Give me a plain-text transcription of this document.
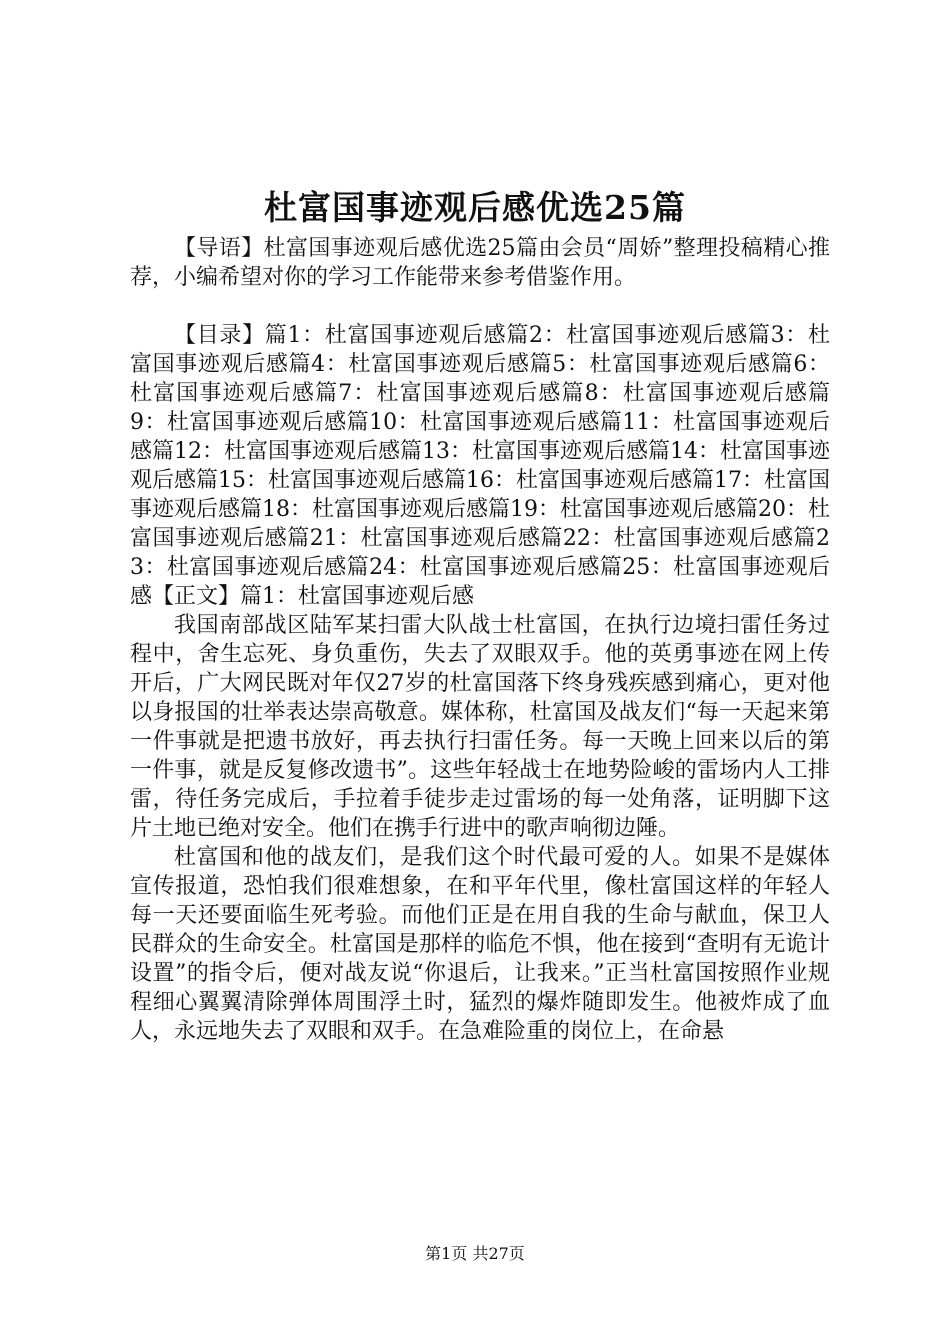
杜富国事迹观后感优选25篇

【导语】杜富国事迹观后感优选25篇由会员“周娇”整理投稿精心推荐，小编希望对你的学习工作能带来参考借鉴作用。

【目录】篇1：杜富国事迹观后感篇2：杜富国事迹观后感篇3：杜富国事迹观后感篇4：杜富国事迹观后感篇5：杜富国事迹观后感篇6：杜富国事迹观后感篇7：杜富国事迹观后感篇8：杜富国事迹观后感篇9：杜富国事迹观后感篇10：杜富国事迹观后感篇11：杜富国事迹观后感篇12：杜富国事迹观后感篇13：杜富国事迹观后感篇14：杜富国事迹观后感篇15：杜富国事迹观后感篇16：杜富国事迹观后感篇17：杜富国事迹观后感篇18：杜富国事迹观后感篇19：杜富国事迹观后感篇20：杜富国事迹观后感篇21：杜富国事迹观后感篇22：杜富国事迹观后感篇23：杜富国事迹观后感篇24：杜富国事迹观后感篇25：杜富国事迹观后感【正文】篇1：杜富国事迹观后感

我国南部战区陆军某扫雷大队战士杜富国，在执行边境扫雷任务过程中，舍生忘死、身负重伤，失去了双眼双手。他的英勇事迹在网上传开后，广大网民既对年仅27岁的杜富国落下终身残疾感到痛心，更对他以身报国的壮举表达崇高敬意。媒体称，杜富国及战友们“每一天起来第一件事就是把遗书放好，再去执行扫雷任务。每一天晚上回来以后的第一件事，就是反复修改遗书”。这些年轻战士在地势险峻的雷场内人工排雷，待任务完成后，手拉着手徒步走过雷场的每一处角落，证明脚下这片土地已绝对安全。他们在携手行进中的歌声响彻边陲。

杜富国和他的战友们，是我们这个时代最可爱的人。如果不是媒体宣传报道，恐怕我们很难想象，在和平年代里，像杜富国这样的年轻人每一天还要面临生死考验。而他们正是在用自我的生命与献血，保卫人民群众的生命安全。杜富国是那样的临危不惧，他在接到“查明有无诡计设置”的指令后，便对战友说“你退后，让我来。”正当杜富国按照作业规程细心翼翼清除弹体周围浮土时，猛烈的爆炸随即发生。他被炸成了血人，永远地失去了双眼和双手。在急难险重的岗位上，在命悬

第1页 共27页
